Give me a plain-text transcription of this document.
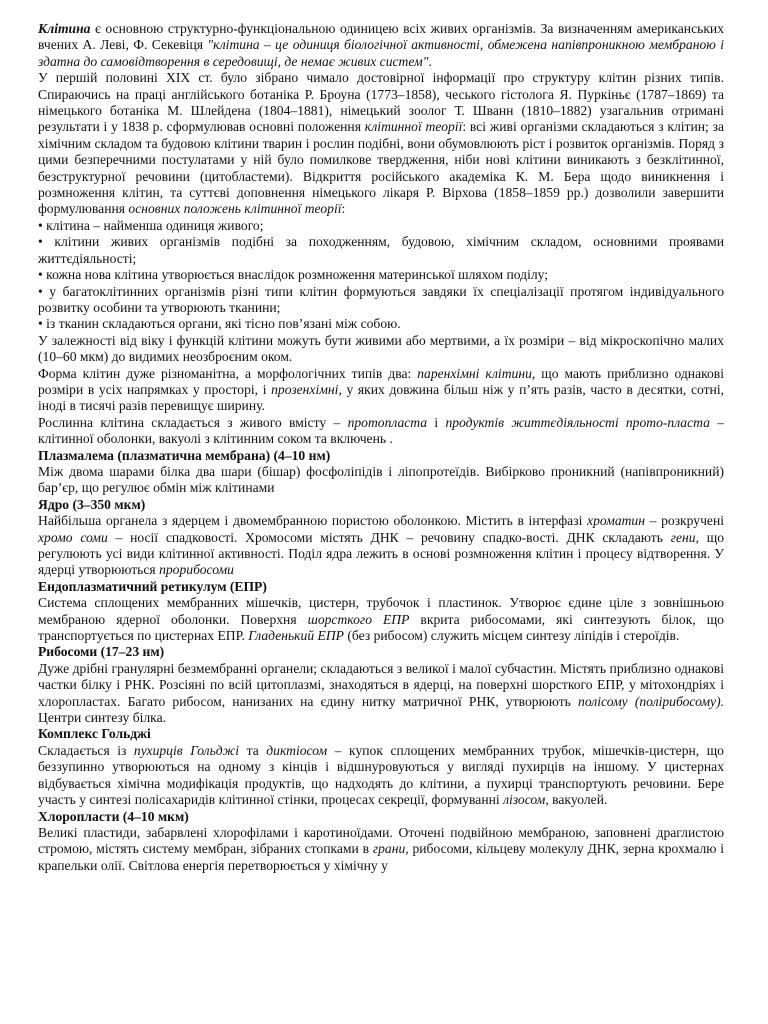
Клітина є основною структурно-функціональною одиницею всіх живих організмів. За визначенням американських вчених А. Леві, Ф. Секевіця "клітина – це одиниця біологічної активності, обмежена напівпроникною мембраною і здатна до самовідтворення в середовищі, де немає живих систем".

У першій половині XIX ст. було зібрано чимало достовірної інформації про структуру клітин різних типів. Спираючись на праці англійського ботаніка Р. Броуна (1773–1858), чеського гістолога Я. Пуркіньє (1787–1869) та німецького ботаніка М. Шлейдена (1804–1881), німецький зоолог Т. Шванн (1810–1882) узагальнив отримані результати і у 1838 р. сформулював основні положення клітинної теорії: всі живі організми складаються з клітин; за хімічним складом та будовою клітини тварин і рослин подібні, вони обумовлюють ріст і розвиток організмів. Поряд з цими безперечними постулатами у ній було помилкове твердження, ніби нові клітини виникають з безклітинної, безструктурної речовини (цитобластеми). Відкриття російського академіка К. М. Бера щодо виникнення і розмноження клітин, та суттєві доповнення німецького лікаря Р. Вірхова (1858–1859 рр.) дозволили завершити формулювання основних положень клітинної теорії:

• клітина – найменша одиниця живого;

• клітини живих організмів подібні за походженням, будовою, хімічним складом, основними проявами життєдіяльності;

• кожна нова клітина утворюється внаслідок розмноження материнської шляхом поділу;

• у багатоклітинних організмів різні типи клітин формуються завдяки їх спеціалізації протягом індивідуального розвитку особини та утворюють тканини;

• із тканин складаються органи, які тісно пов’язані між собою.

У залежності від віку і функцій клітини можуть бути живими або мертвими, а їх розміри – від мікроскопічно малих (10–60 мкм) до видимих неозброєним оком.

Форма клітин дуже різноманітна, а морфологічних типів два: паренхімні клітини, що мають приблизно однакові розміри в усіх напрямках у просторі, і прозенхімні, у яких довжина більш ніж у п’ять разів, часто в десятки, сотні, іноді в тисячі разів перевищує ширину.

Рослинна клітина складається з живого вмісту – протопласта і продуктів життєдіяльності прото-пласта – клітинної оболонки, вакуолі з клітинним соком та включень .

Плазмалема (плазматична мембрана) (4–10 нм)

Між двома шарами білка два шари (бішар) фосфоліпідів і ліпопротеїдів. Вибірково проникний (напівпроникний) бар’єр, що регулює обмін між клітинами

Ядро (3–350 мкм)

Найбільша органела з ядерцем і двомембранною пористою оболонкою. Містить в інтерфазі хроматин – розкручені хромо соми – носії спадковості. Хромосоми містять ДНК – речовину спадко-вості. ДНК складають гени, що регулюють усі види клітинної активності. Поділ ядра лежить в основі розмноження клітин і процесу відтворення. У ядерці утворюються прорибосоми

Ендоплазматичний ретикулум (ЕПР)

Система сплощених мембранних мішечків, цистерн, трубочок і пластинок. Утворює єдине ціле з зовнішньою мембраною ядерної оболонки. Поверхня шорсткого ЕПР вкрита рибосомами, які синтезують білок, що транспортується по цистернах ЕПР. Гладенький ЕПР (без рибосом) служить місцем синтезу ліпідів і стероїдів.

Рибосоми (17–23 нм)

Дуже дрібні гранулярні безмембранні органели; складаються з великої і малої субчастин. Містять приблизно однакові частки білку і РНК. Розсіяні по всій цитоплазмі, знаходяться в ядерці, на поверхні шорсткого ЕПР, у мітохондріях і хлоропластах. Багато рибосом, нанизаних на єдину нитку матричної РНК, утворюють полісому (полірибосому). Центри синтезу білка.

Комплекс Гольджі

Складається із пухирців Гольджі та диктіосом – купок сплощених мембранних трубок, мішечків-цистерн, що беззупинно утворюються на одному з кінців і відшнуровуються у вигляді пухирців на іншому. У цистернах відбувається хімічна модифікація продуктів, що надходять до клітини, а пухирці транспортують речовини. Бере участь у синтезі полісахаридів клітинної стінки, процесах секреції, формуванні лізосом, вакуолей.

Хлоропласти (4–10 мкм)

Великі пластиди, забарвлені хлорофілами і каротиноїдами. Оточені подвійною мембраною, заповнені драглистою стромою, містять систему мембран, зібраних стопками в грани, рибосоми, кільцеву молекулу ДНК, зерна крохмалю і крапельки олії. Світлова енергія перетворюється у хімічну у
